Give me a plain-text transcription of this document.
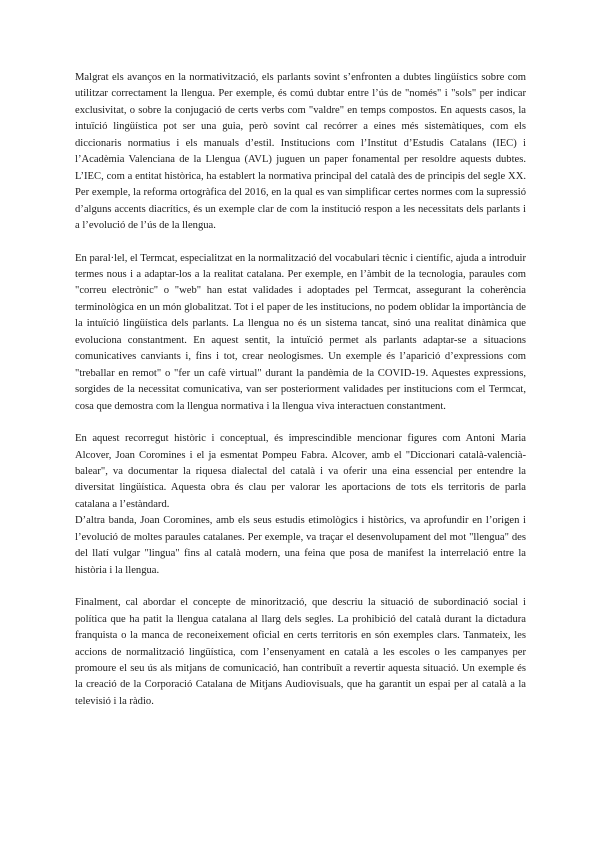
Malgrat els avanços en la normativització, els parlants sovint s’enfronten a dubtes lingüístics sobre com utilitzar correctament la llengua. Per exemple, és comú dubtar entre l’ús de "només" i "sols" per indicar exclusivitat, o sobre la conjugació de certs verbs com "valdre" en temps compostos. En aquests casos, la intuïció lingüística pot ser una guia, però sovint cal recórrer a eines més sistemàtiques, com els diccionaris normatius i els manuals d’estil. Institucions com l’Institut d’Estudis Catalans (IEC) i l’Acadèmia Valenciana de la Llengua (AVL) juguen un paper fonamental per resoldre aquests dubtes. L’IEC, com a entitat històrica, ha establert la normativa principal del català des de principis del segle XX. Per exemple, la reforma ortogràfica del 2016, en la qual es van simplificar certes normes com la supressió d’alguns accents diacrítics, és un exemple clar de com la institució respon a les necessitats dels parlants i a l’evolució de l’ús de la llengua.

En paral·lel, el Termcat, especialitzat en la normalització del vocabulari tècnic i científic, ajuda a introduir termes nous i a adaptar-los a la realitat catalana. Per exemple, en l’àmbit de la tecnologia, paraules com "correu electrònic" o "web" han estat validades i adoptades pel Termcat, assegurant la coherència terminològica en un món globalitzat. Tot i el paper de les institucions, no podem oblidar la importància de la intuïció lingüística dels parlants. La llengua no és un sistema tancat, sinó una realitat dinàmica que evoluciona constantment. En aquest sentit, la intuïció permet als parlants adaptar-se a situacions comunicatives canviants i, fins i tot, crear neologismes. Un exemple és l’aparició d’expressions com "treballar en remot" o "fer un cafè virtual" durant la pandèmia de la COVID-19. Aquestes expressions, sorgides de la necessitat comunicativa, van ser posteriorment validades per institucions com el Termcat, cosa que demostra com la llengua normativa i la llengua viva interactuen constantment.

En aquest recorregut històric i conceptual, és imprescindible mencionar figures com Antoni Maria Alcover, Joan Coromines i el ja esmentat Pompeu Fabra. Alcover, amb el "Diccionari català-valencià-balear", va documentar la riquesa dialectal del català i va oferir una eina essencial per entendre la diversitat lingüística. Aquesta obra és clau per valorar les aportacions de tots els territoris de parla catalana a l’estàndard.

D’altra banda, Joan Coromines, amb els seus estudis etimològics i històrics, va aprofundir en l’origen i l’evolució de moltes paraules catalanes. Per exemple, va traçar el desenvolupament del mot "llengua" des del llatí vulgar "lingua" fins al català modern, una feina que posa de manifest la interrelació entre la història i la llengua.

Finalment, cal abordar el concepte de minorització, que descriu la situació de subordinació social i política que ha patit la llengua catalana al llarg dels segles. La prohibició del català durant la dictadura franquista o la manca de reconeixement oficial en certs territoris en són exemples clars. Tanmateix, les accions de normalització lingüística, com l’ensenyament en català a les escoles o les campanyes per promoure el seu ús als mitjans de comunicació, han contribuït a revertir aquesta situació. Un exemple és la creació de la Corporació Catalana de Mitjans Audiovisuals, que ha garantit un espai per al català a la televisió i la ràdio.
